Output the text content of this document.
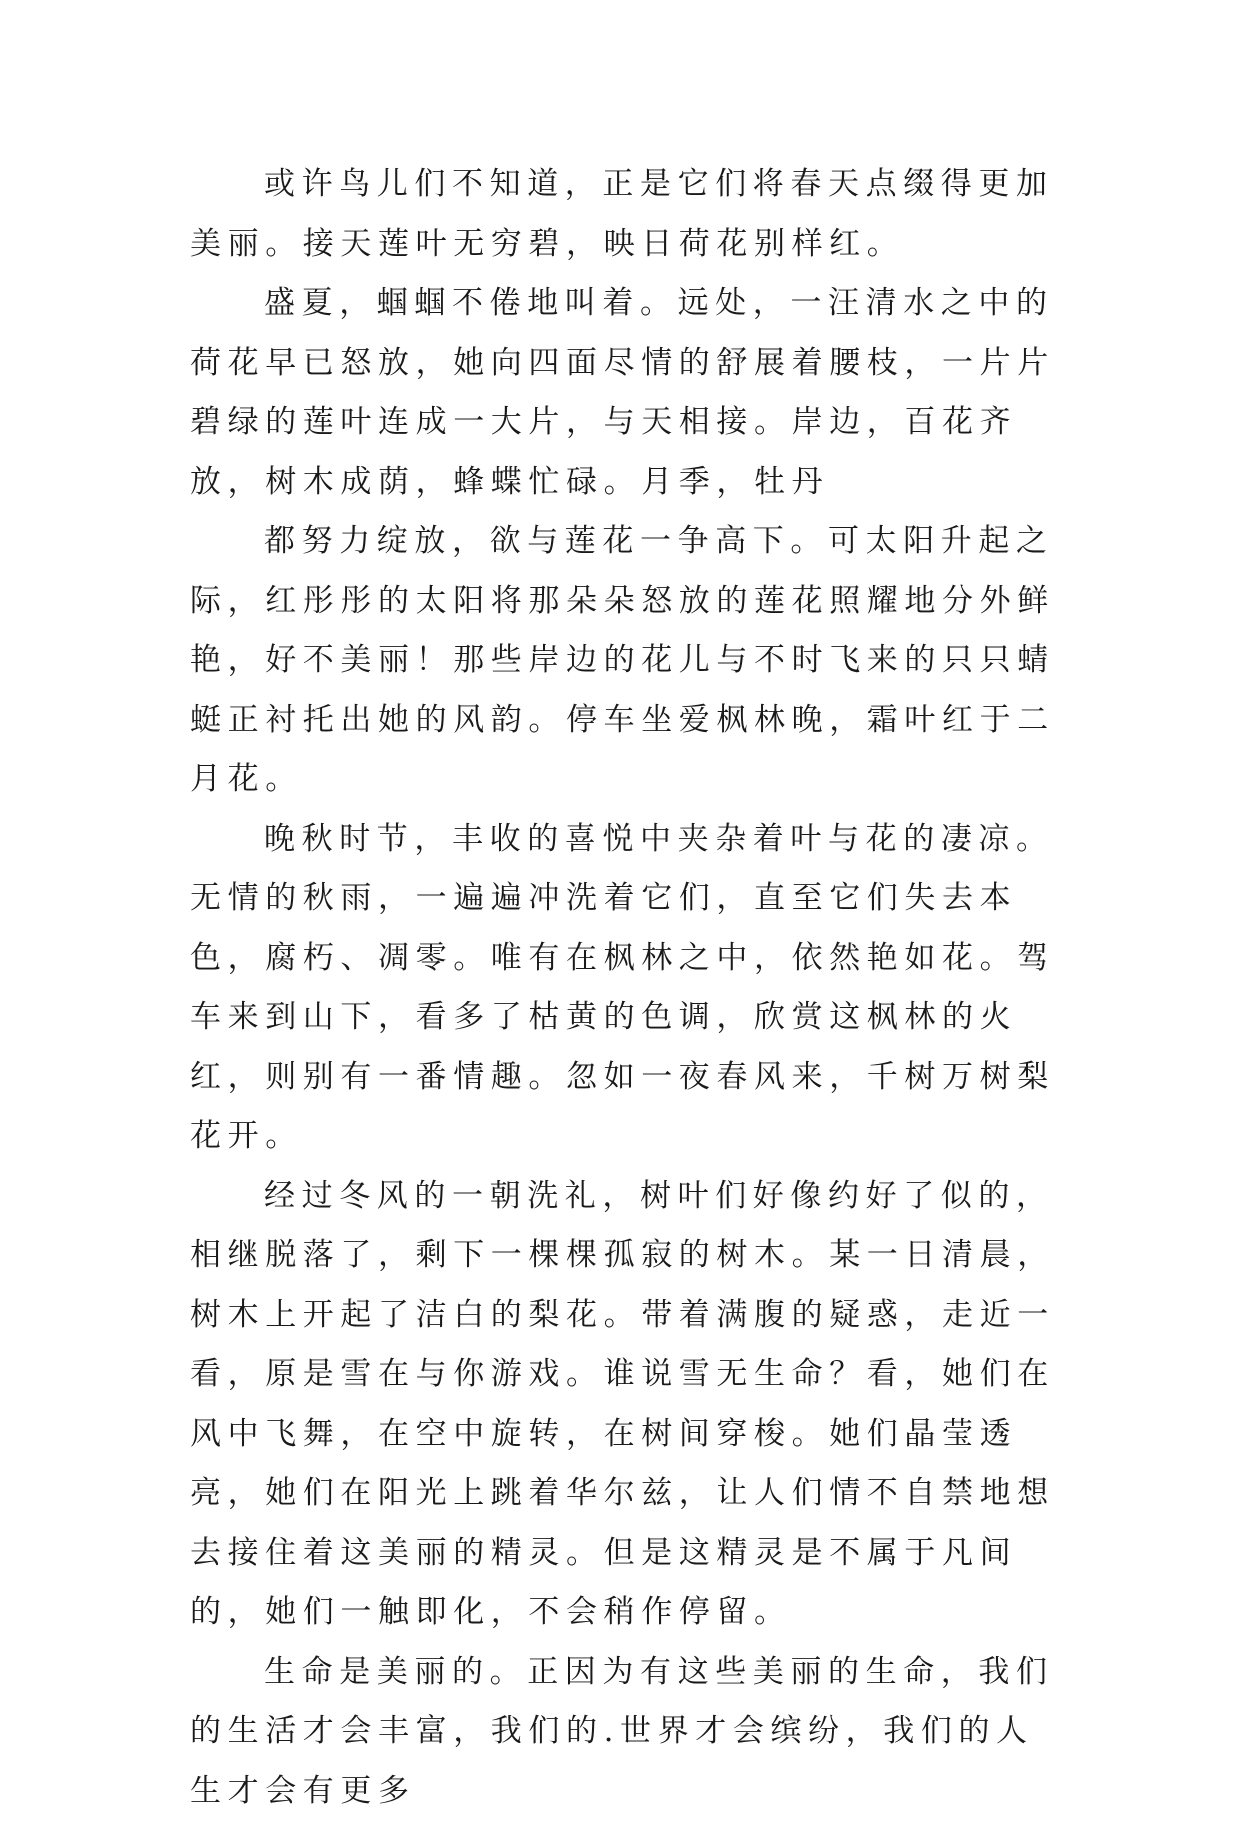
或许鸟儿们不知道，正是它们将春天点缀得更加美丽。接天莲叶无穷碧，映日荷花别样红。

盛夏，蝈蝈不倦地叫着。远处，一汪清水之中的荷花早已怒放，她向四面尽情的舒展着腰枝，一片片碧绿的莲叶连成一大片，与天相接。岸边，百花齐放，树木成荫，蜂蝶忙碌。月季，牡丹

都努力绽放，欲与莲花一争高下。可太阳升起之际，红彤彤的太阳将那朵朵怒放的莲花照耀地分外鲜艳，好不美丽！那些岸边的花儿与不时飞来的只只蜻蜓正衬托出她的风韵。停车坐爱枫林晚，霜叶红于二月花。

晚秋时节，丰收的喜悦中夹杂着叶与花的凄凉。无情的秋雨，一遍遍冲洗着它们，直至它们失去本色，腐朽、凋零。唯有在枫林之中，依然艳如花。驾车来到山下，看多了枯黄的色调，欣赏这枫林的火红，则别有一番情趣。忽如一夜春风来，千树万树梨花开。

经过冬风的一朝洗礼，树叶们好像约好了似的，相继脱落了，剩下一棵棵孤寂的树木。某一日清晨，树木上开起了洁白的梨花。带着满腹的疑惑，走近一看，原是雪在与你游戏。谁说雪无生命？看，她们在风中飞舞，在空中旋转，在树间穿梭。她们晶莹透亮，她们在阳光上跳着华尔兹，让人们情不自禁地想去接住着这美丽的精灵。但是这精灵是不属于凡间的，她们一触即化，不会稍作停留。

生命是美丽的。正因为有这些美丽的生命，我们的生活才会丰富，我们的.世界才会缤纷，我们的人生才会有更多
